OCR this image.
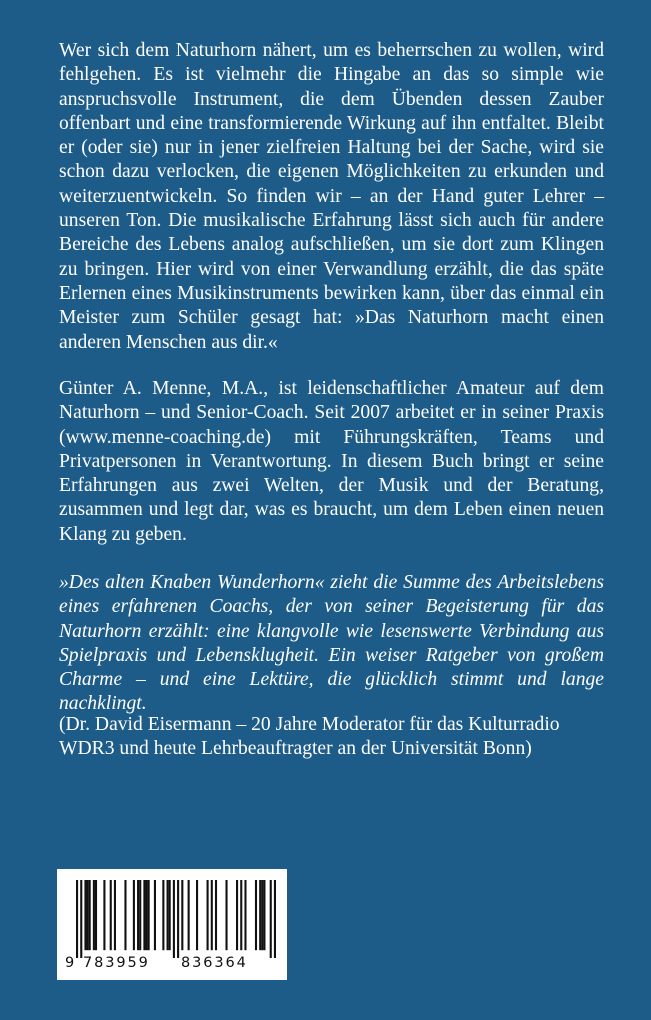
Wer sich dem Naturhorn nähert, um es beherrschen zu wollen, wird fehlgehen. Es ist vielmehr die Hingabe an das so simple wie anspruchsvolle Instrument, die dem Übenden dessen Zauber offenbart und eine transformierende Wirkung auf ihn entfaltet. Bleibt er (oder sie) nur in jener zielfreien Haltung bei der Sache, wird sie schon dazu verlocken, die eigenen Möglichkeiten zu erkunden und weiterzuentwickeln. So finden wir – an der Hand guter Lehrer – unseren Ton. Die musikalische Erfahrung lässt sich auch für andere Bereiche des Lebens analog aufschließen, um sie dort zum Klingen zu bringen. Hier wird von einer Verwandlung erzählt, die das späte Erlernen eines Musikinstruments bewirken kann, über das einmal ein Meister zum Schüler gesagt hat: »Das Naturhorn macht einen anderen Menschen aus dir.«

Günter A. Menne, M.A., ist leidenschaftlicher Amateur auf dem Naturhorn – und Senior-Coach. Seit 2007 arbeitet er in seiner Praxis (www.menne-coaching.de) mit Führungskräften, Teams und Privatpersonen in Verantwortung. In diesem Buch bringt er seine Erfahrungen aus zwei Welten, der Musik und der Beratung, zusammen und legt dar, was es braucht, um dem Leben einen neuen Klang zu geben.

»Des alten Knaben Wunderhorn« zieht die Summe des Arbeitslebens eines erfahrenen Coachs, der von seiner Begeisterung für das Naturhorn erzählt: eine klangvolle wie lesenswerte Verbindung aus Spielpraxis und Lebensklugheit. Ein weiser Ratgeber von großem Charme – und eine Lektüre, die glücklich stimmt und lange nachklingt.

(Dr. David Eisermann – 20 Jahre Moderator für das Kulturradio WDR3 und heute Lehrbeauftragter an der Universität Bonn)

9 783959 836364
